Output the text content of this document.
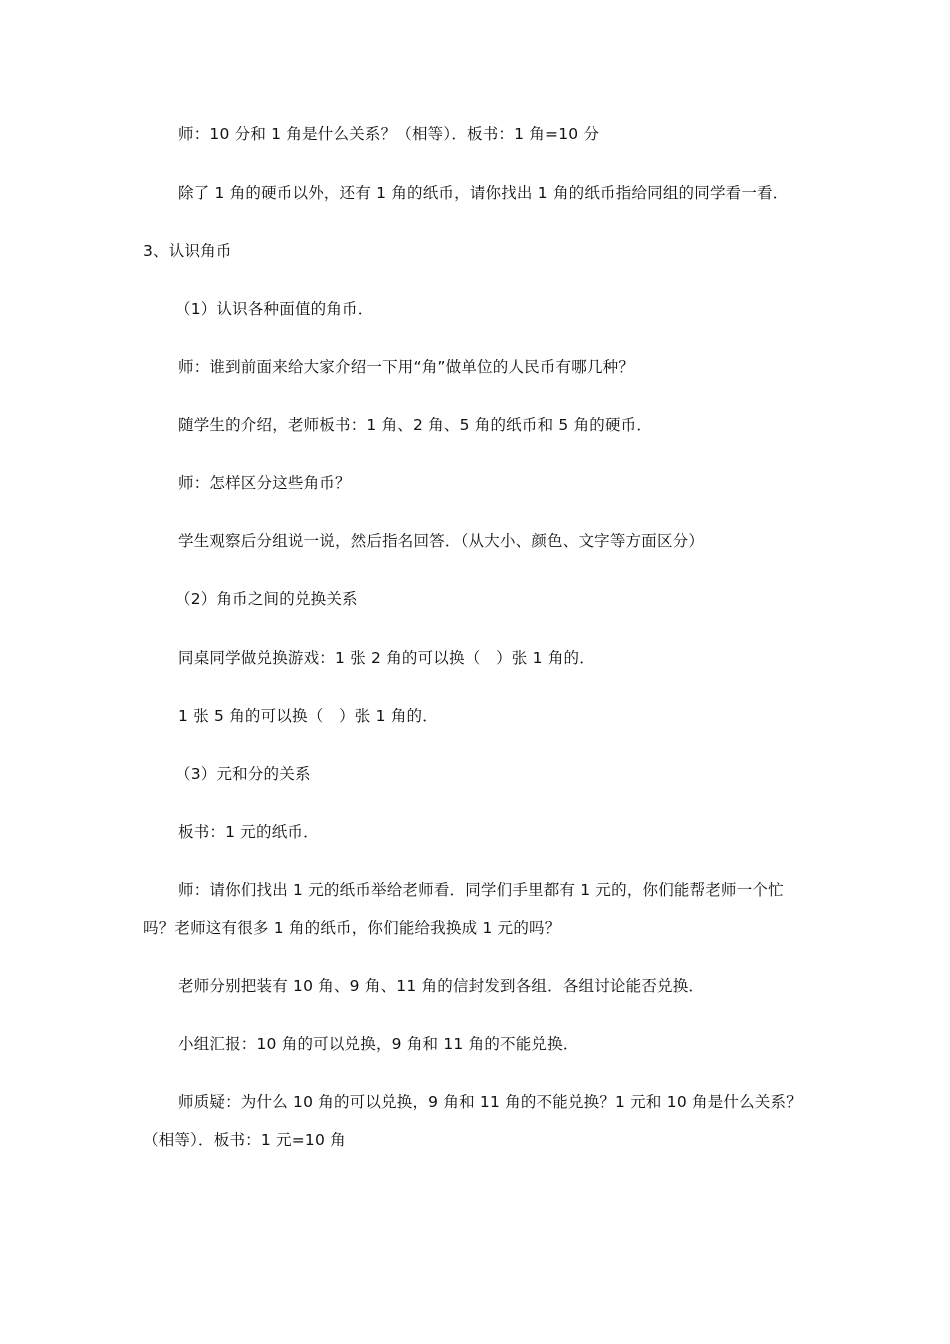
师：10 分和 1 角是什么关系？（相等）．板书：1 角=10 分
除了 1 角的硬币以外，还有 1 角的纸币，请你找出 1 角的纸币指给同组的同学看一看．
3、认识角币
（1）认识各种面值的角币．
师：谁到前面来给大家介绍一下用“角”做单位的人民币有哪几种？
随学生的介绍，老师板书：1 角、2 角、5 角的纸币和 5 角的硬币．
师：怎样区分这些角币？
学生观察后分组说一说，然后指名回答．（从大小、颜色、文字等方面区分）
（2）角币之间的兑换关系
同桌同学做兑换游戏：1 张 2 角的可以换（　）张 1 角的．
1 张 5 角的可以换（　）张 1 角的．
（3）元和分的关系
板书：1 元的纸币．
师：请你们找出 1 元的纸币举给老师看．同学们手里都有 1 元的，你们能帮老师一个忙
吗？老师这有很多 1 角的纸币，你们能给我换成 1 元的吗？
老师分别把装有 10 角、9 角、11 角的信封发到各组．各组讨论能否兑换．
小组汇报：10 角的可以兑换，9 角和 11 角的不能兑换．
师质疑：为什么 10 角的可以兑换，9 角和 11 角的不能兑换？1 元和 10 角是什么关系？
（相等）．板书：1 元=10 角
